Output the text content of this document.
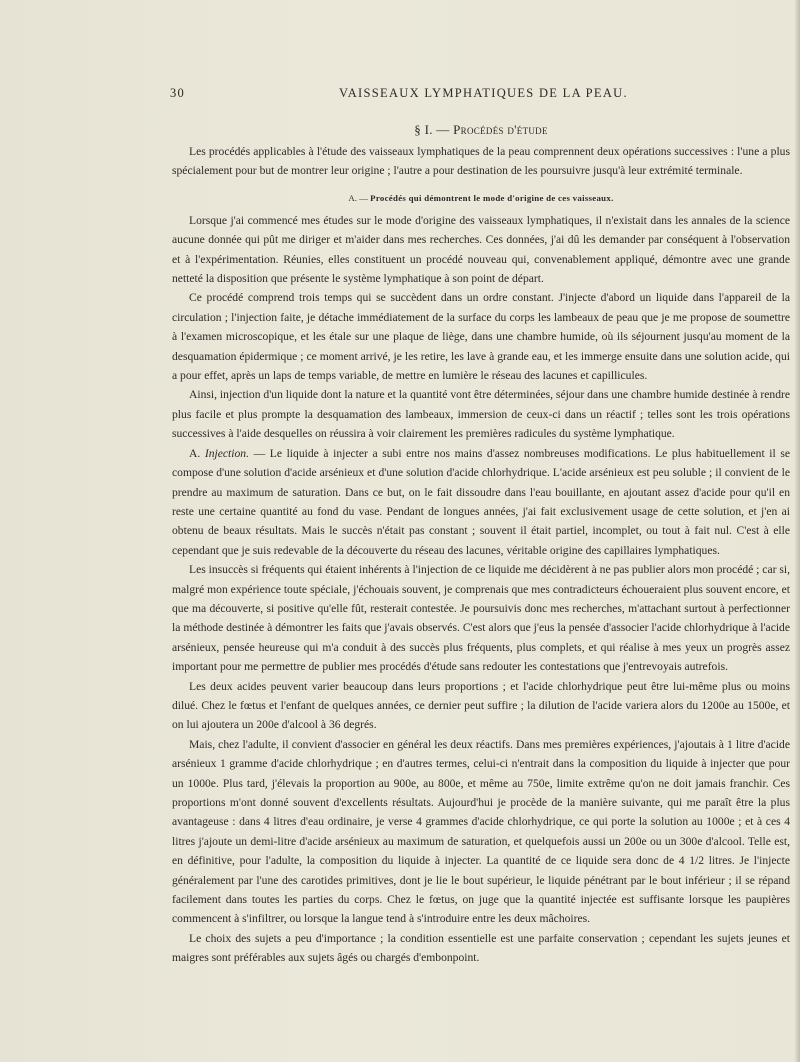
30	VAISSEAUX LYMPHATIQUES DE LA PEAU.
§ I. — Procédés d'étude

Les procédés applicables à l'étude des vaisseaux lymphatiques de la peau comprennent deux opérations successives : l'une a plus spécialement pour but de montrer leur origine ; l'autre a pour destination de les poursuivre jusqu'à leur extrémité terminale.

A. — Procédés qui démontrent le mode d'origine de ces vaisseaux.

Lorsque j'ai commencé mes études sur le mode d'origine des vaisseaux lymphatiques, il n'existait dans les annales de la science aucune donnée qui pût me diriger et m'aider dans mes recherches. Ces données, j'ai dû les demander par conséquent à l'observation et à l'expérimentation. Réunies, elles constituent un procédé nouveau qui, convenablement appliqué, démontre avec une grande netteté la disposition que présente le système lymphatique à son point de départ.

Ce procédé comprend trois temps qui se succèdent dans un ordre constant. J'injecte d'abord un liquide dans l'appareil de la circulation ; l'injection faite, je détache immédiatement de la surface du corps les lambeaux de peau que je me propose de soumettre à l'examen microscopique, et les étale sur une plaque de liège, dans une chambre humide, où ils séjournent jusqu'au moment de la desquamation épidermique ; ce moment arrivé, je les retire, les lave à grande eau, et les immerge ensuite dans une solution acide, qui a pour effet, après un laps de temps variable, de mettre en lumière le réseau des lacunes et capillicules.

Ainsi, injection d'un liquide dont la nature et la quantité vont être déterminées, séjour dans une chambre humide destinée à rendre plus facile et plus prompte la desquamation des lambeaux, immersion de ceux-ci dans un réactif ; telles sont les trois opérations successives à l'aide desquelles on réussira à voir clairement les premières radicules du système lymphatique.

A. Injection. — Le liquide à injecter a subi entre nos mains d'assez nombreuses modifications. Le plus habituellement il se compose d'une solution d'acide arsénieux et d'une solution d'acide chlorhydrique. L'acide arsénieux est peu soluble ; il convient de le prendre au maximum de saturation. Dans ce but, on le fait dissoudre dans l'eau bouillante, en ajoutant assez d'acide pour qu'il en reste une certaine quantité au fond du vase. Pendant de longues années, j'ai fait exclusivement usage de cette solution, et j'en ai obtenu de beaux résultats. Mais le succès n'était pas constant ; souvent il était partiel, incomplet, ou tout à fait nul. C'est à elle cependant que je suis redevable de la découverte du réseau des lacunes, véritable origine des capillaires lymphatiques.

Les insuccès si fréquents qui étaient inhérents à l'injection de ce liquide me décidèrent à ne pas publier alors mon procédé ; car si, malgré mon expérience toute spéciale, j'échouais souvent, je comprenais que mes contradicteurs échoueraient plus souvent encore, et que ma découverte, si positive qu'elle fût, resterait contestée. Je poursuivis donc mes recherches, m'attachant surtout à perfectionner la méthode destinée à démontrer les faits que j'avais observés. C'est alors que j'eus la pensée d'associer l'acide chlorhydrique à l'acide arsénieux, pensée heureuse qui m'a conduit à des succès plus fréquents, plus complets, et qui réalise à mes yeux un progrès assez important pour me permettre de publier mes procédés d'étude sans redouter les contestations que j'entrevoyais autrefois.

Les deux acides peuvent varier beaucoup dans leurs proportions ; et l'acide chlorhydrique peut être lui-même plus ou moins dilué. Chez le fœtus et l'enfant de quelques années, ce dernier peut suffire ; la dilution de l'acide variera alors du 1200e au 1500e, et on lui ajoutera un 200e d'alcool à 36 degrés.

Mais, chez l'adulte, il convient d'associer en général les deux réactifs. Dans mes premières expériences, j'ajoutais à 1 litre d'acide arsénieux 1 gramme d'acide chlorhydrique ; en d'autres termes, celui-ci n'entrait dans la composition du liquide à injecter que pour un 1000e. Plus tard, j'élevais la proportion au 900e, au 800e, et même au 750e, limite extrême qu'on ne doit jamais franchir. Ces proportions m'ont donné souvent d'excellents résultats. Aujourd'hui je procède de la manière suivante, qui me paraît être la plus avantageuse : dans 4 litres d'eau ordinaire, je verse 4 grammes d'acide chlorhydrique, ce qui porte la solution au 1000e ; et à ces 4 litres j'ajoute un demi-litre d'acide arsénieux au maximum de saturation, et quelquefois aussi un 200e ou un 300e d'alcool. Telle est, en définitive, pour l'adulte, la composition du liquide à injecter. La quantité de ce liquide sera donc de 4 1/2 litres. Je l'injecte généralement par l'une des carotides primitives, dont je lie le bout supérieur, le liquide pénétrant par le bout inférieur ; il se répand facilement dans toutes les parties du corps. Chez le fœtus, on juge que la quantité injectée est suffisante lorsque les paupières commencent à s'infiltrer, ou lorsque la langue tend à s'introduire entre les deux mâchoires.

Le choix des sujets a peu d'importance ; la condition essentielle est une parfaite conservation ; cependant les sujets jeunes et maigres sont préférables aux sujets âgés ou chargés d'embonpoint.
